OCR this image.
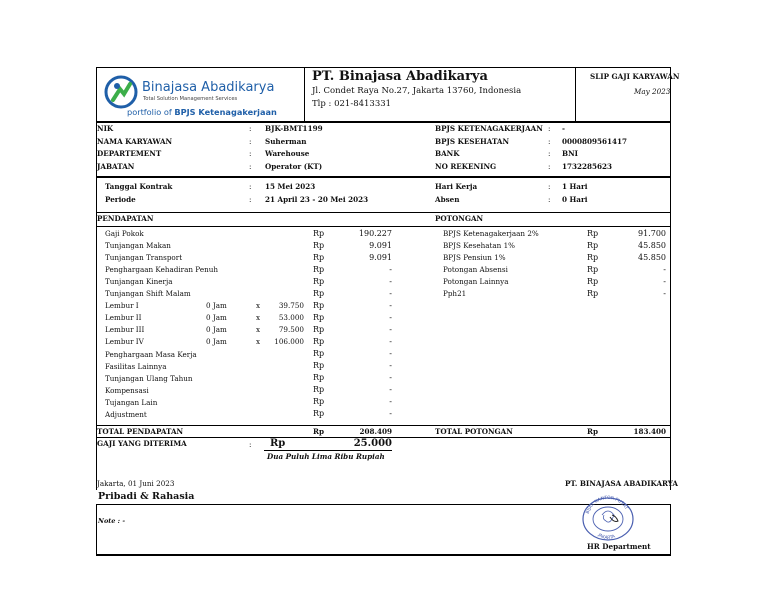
Binajasa Abadikarya
Total Solution Management Services
portfolio of BPJS Ketenagakerjaan
PT. Binajasa Abadikarya
Jl. Condet Raya No.27, Jakarta 13760, Indonesia
Tlp : 021-8413331
SLIP GAJI KARYAWAN
May 2023
PENDAPATAN	POTONGAN
TOTAL PENDAPATAN	Rp	208.409	TOTAL POTONGAN	Rp	183.400
GAJI YANG DITERIMA	: Rp	25.000
Dua Puluh Lima Ribu Rupiah
Jakarta, 01 Juni 2023	PT. BINAJASA ABADIKARYA
Pribadi & Rahasia
Note : -
BIJAK KANTOR PUSAT
JAKARTA
HR Department
NIK	: BJK-BMT1199
NAMA KARYAWAN	: Suherman
DEPARTEMENT	: Warehouse
JABATAN	: Operator (KT)
BPJS KETENAGAKERJAAN : -
BPJS KESEHATAN	: 0000809561417
BANK	: BNI
NO REKENING	: 1732285623
Tanggal Kontrak	: 15 Mei 2023
Periode	: 21 April 23 - 20 Mei 2023
Hari Kerja	: 1 Hari
Absen	: 0 Hari
Gaji Pokok	Rp	190.227
Tunjangan Makan	Rp	9.091
Tunjangan Transport	Rp	9.091
Penghargaan Kehadiran Penuh	Rp	-
Tunjangan Kinerja	Rp	-
Tunjangan Shift Malam	Rp	-
Lembur I	0 Jam	x	39.750 Rp	-
Lembur II	0 Jam	x	53.000 Rp	-
Lembur III	0 Jam	x	79.500 Rp	-
Lembur IV	0 Jam	x	106.000 Rp	-
Penghargaan Masa Kerja	Rp	-
Fasilitas Lainnya	Rp	-
Tunjangan Ulang Tahun	Rp	-
Kompensasi	Rp	-
Tujangan Lain	Rp	-
Adjustment	Rp	-
BPJS Ketenagakerjaan 2%	Rp	91.700
BPJS Kesehatan 1%	Rp	45.850
BPJS Pensiun 1%	Rp	45.850
Potongan Absensi	Rp	-
Potongan Lainnya	Rp	-
Pph21	Rp	-
